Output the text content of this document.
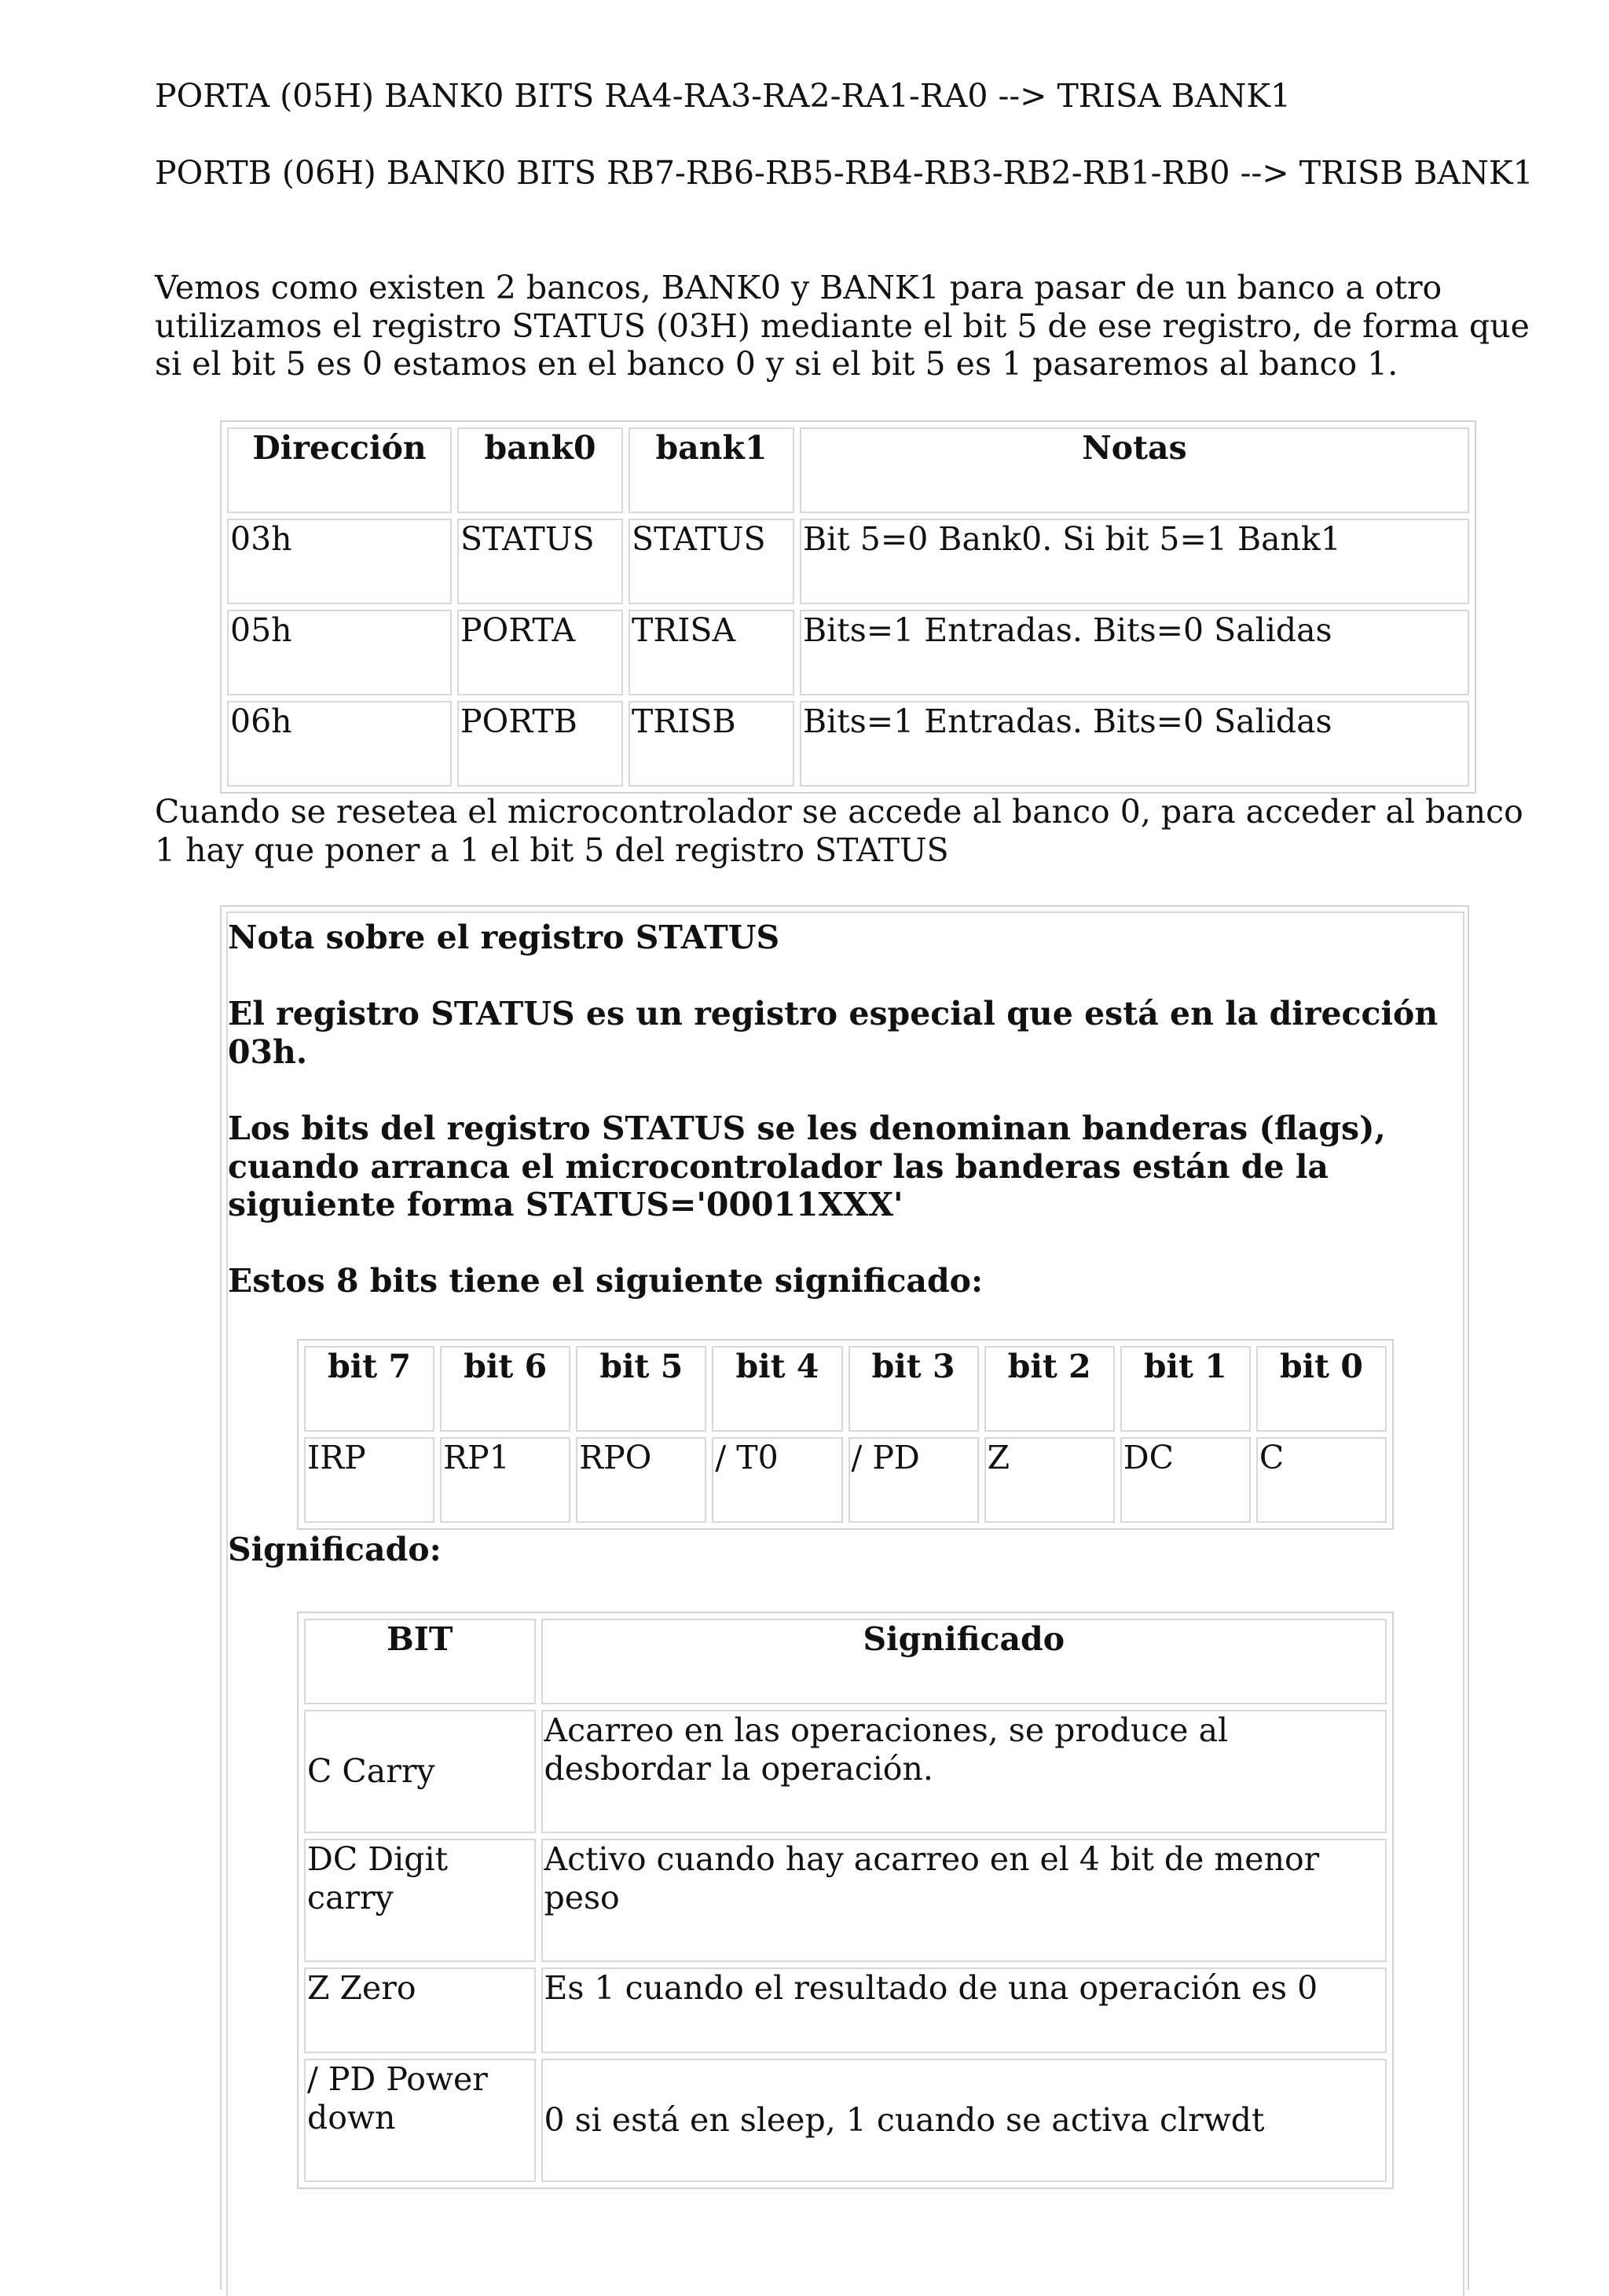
PORTA (05H) BANK0 BITS RA4-RA3-RA2-RA1-RA0 --> TRISA BANK1

PORTB (06H) BANK0 BITS RB7-RB6-RB5-RB4-RB3-RB2-RB1-RB0 --> TRISB BANK1

Vemos como existen 2 bancos, BANK0 y BANK1 para pasar de un banco a otro utilizamos el registro STATUS (03H) mediante el bit 5 de ese registro, de forma que si el bit 5 es 0 estamos en el banco 0 y si el bit 5 es 1 pasaremos al banco 1.

Dirección	bank0	bank1	Notas
03h	STATUS	STATUS	Bit 5=0 Bank0. Si bit 5=1 Bank1
05h	PORTA	TRISA	Bits=1 Entradas. Bits=0 Salidas
06h	PORTB	TRISB	Bits=1 Entradas. Bits=0 Salidas

Cuando se resetea el microcontrolador se accede al banco 0, para acceder al banco 1 hay que poner a 1 el bit 5 del registro STATUS

Nota sobre el registro STATUS

El registro STATUS es un registro especial que está en la dirección 03h.

Los bits del registro STATUS se les denominan banderas (flags), cuando arranca el microcontrolador las banderas están de la siguiente forma STATUS='00011XXX'

Estos 8 bits tiene el siguiente significado:

bit 7	bit 6	bit 5	bit 4	bit 3	bit 2	bit 1	bit 0
IRP	RP1	RPO	/ T0	/ PD	Z	DC	C

Significado:

BIT	Significado
C Carry	Acarreo en las operaciones, se produce al desbordar la operación.
DC Digit carry	Activo cuando hay acarreo en el 4 bit de menor peso
Z Zero	Es 1 cuando el resultado de una operación es 0
/ PD Power down	0 si está en sleep, 1 cuando se activa clrwdt
